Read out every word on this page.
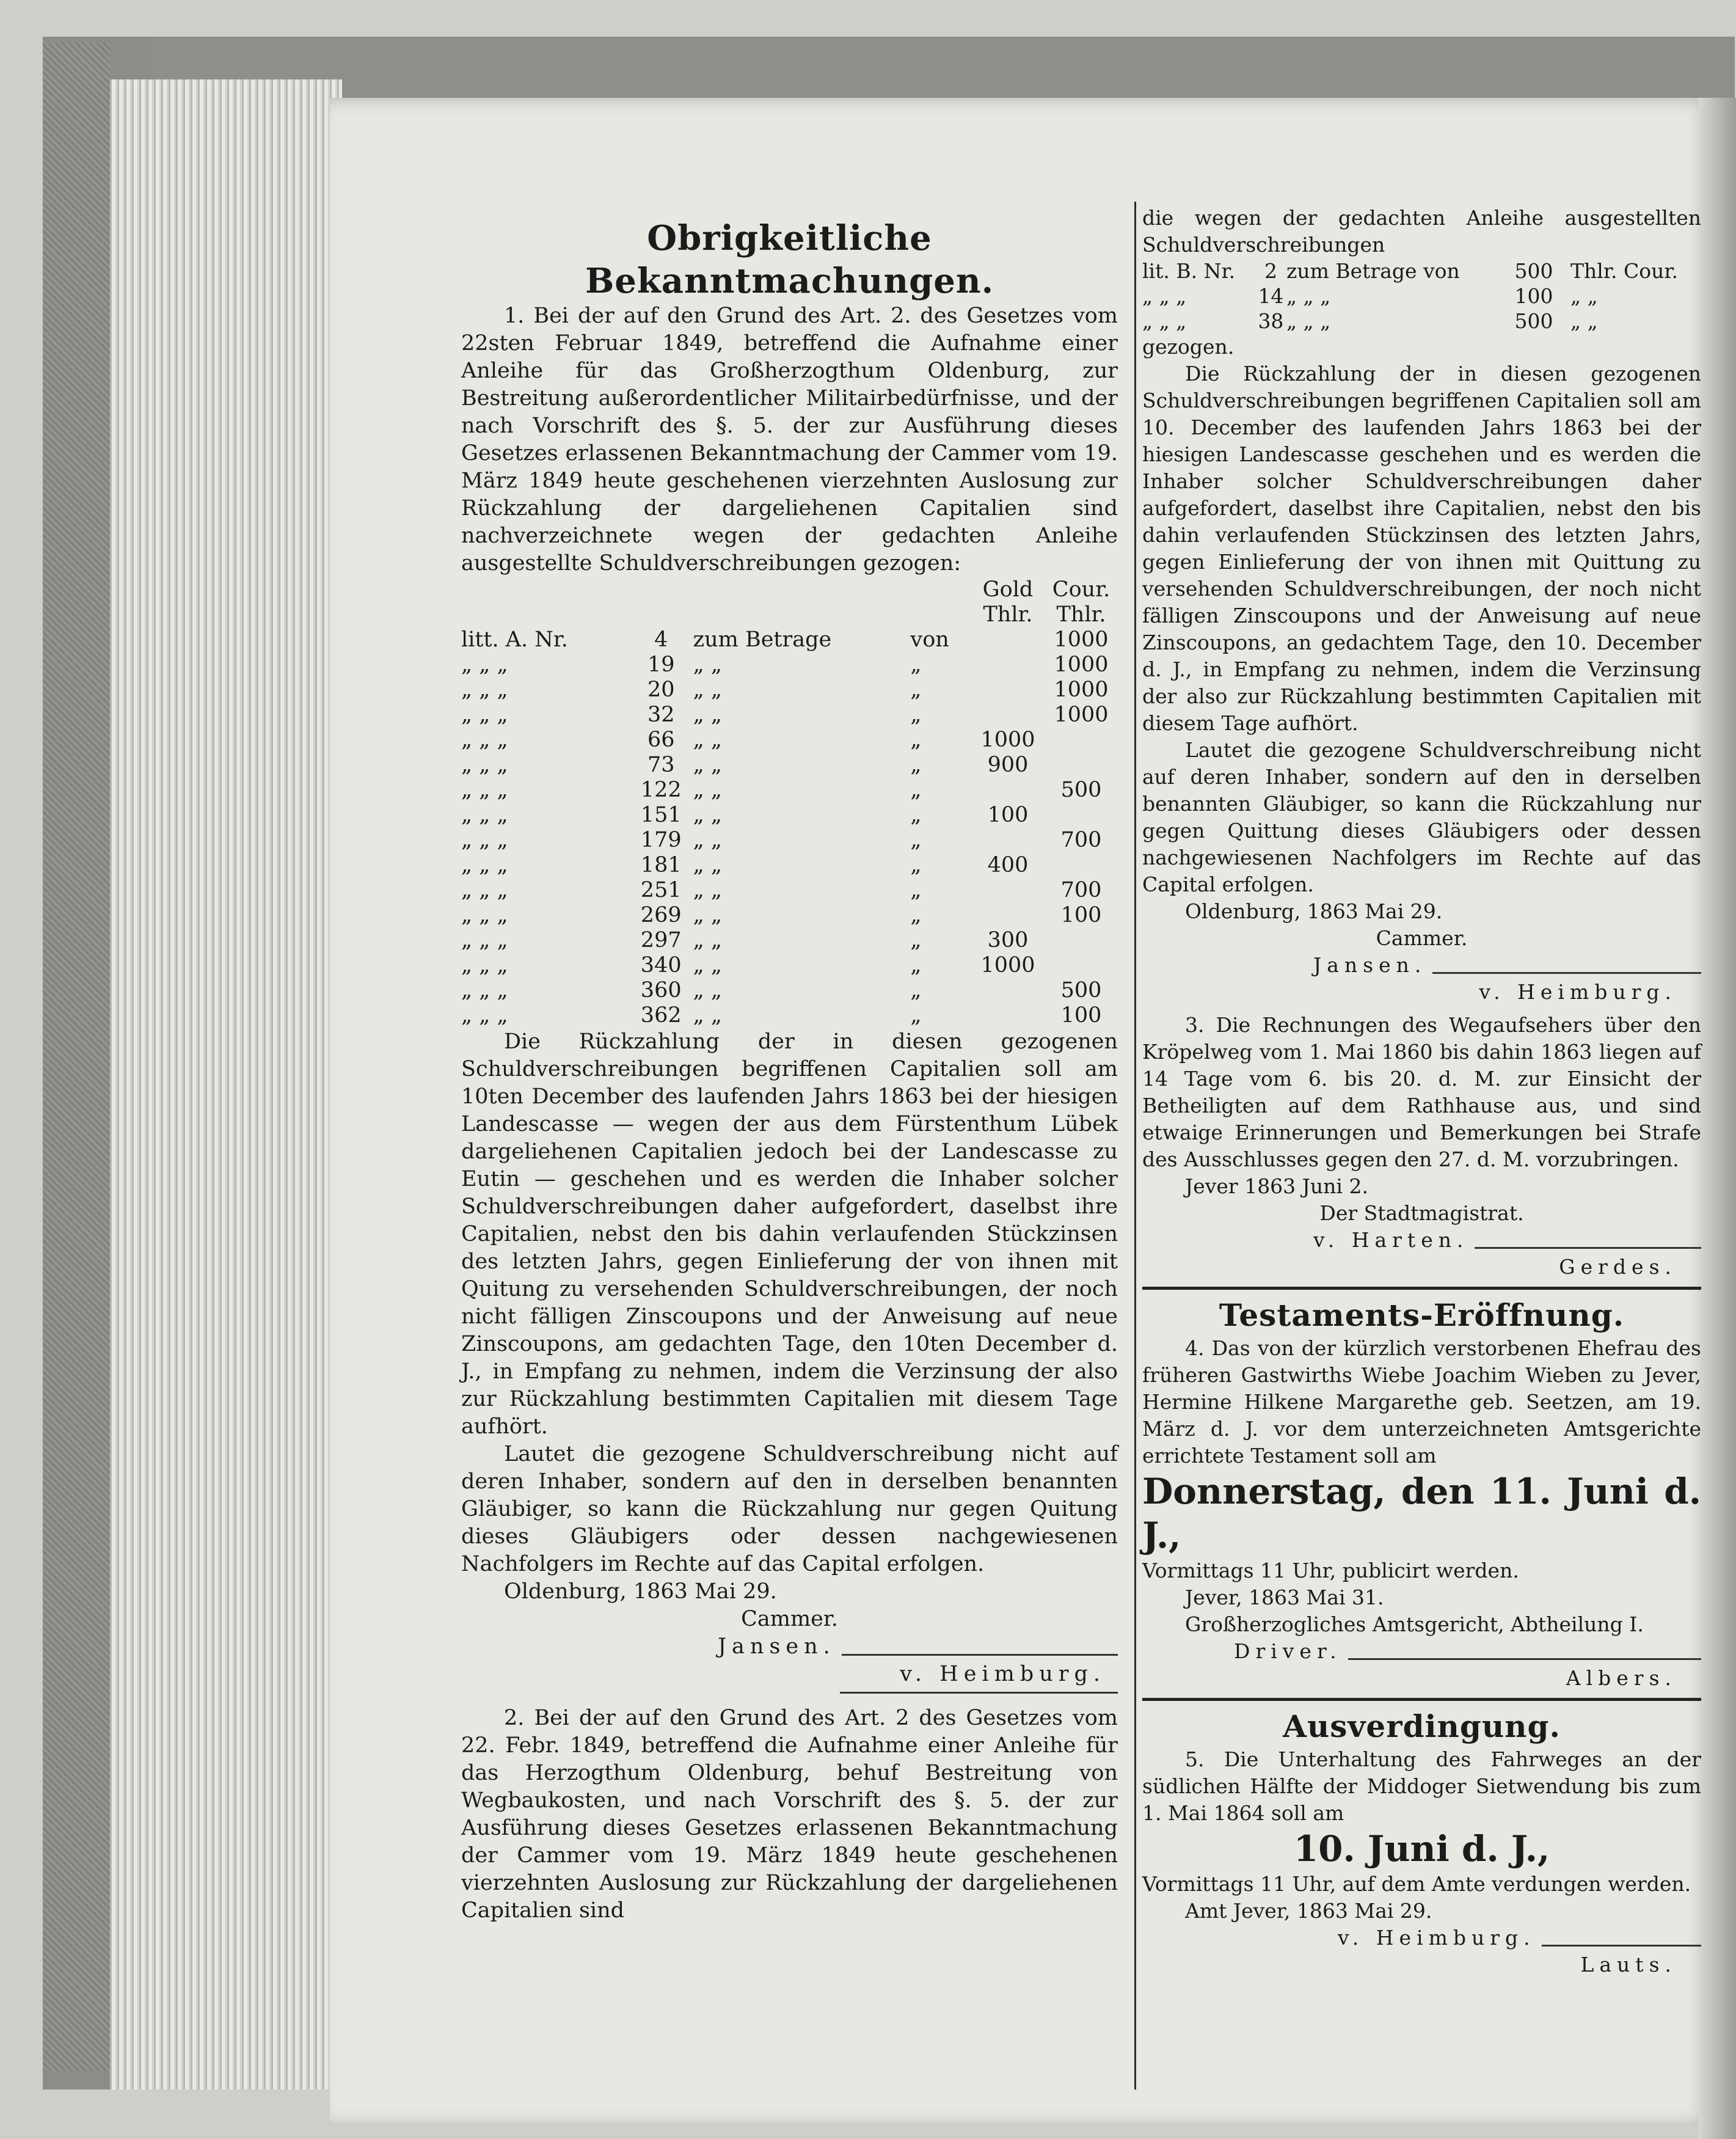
Obrigkeitliche Bekanntmachungen.

1. Bei der auf den Grund des Art. 2. des Gesetzes vom 22sten Februar 1849, betreffend die Aufnahme einer Anleihe für das Großherzogthum Oldenburg, zur Bestreitung außerordentlicher Militairbedürfnisse, und der nach Vorschrift des §. 5. der zur Ausführung dieses Gesetzes erlassenen Bekanntmachung der Cammer vom 19. März 1849 heute geschehenen vierzehnten Auslosung zur Rückzahlung der dargeliehenen Capitalien sind nachverzeichnete wegen der gedachten Anleihe ausgestellte Schuldverschreibungen gezogen:

				Gold	Cour.
				Thlr.	Thlr.
litt. A. Nr.	4	zum Betrage	von		1000
„ „ „	19	„ „	„		1000
„ „ „	20	„ „	„		1000
„ „ „	32	„ „	„		1000
„ „ „	66	„ „	„	1000	
„ „ „	73	„ „	„	900	
„ „ „	122	„ „	„		500
„ „ „	151	„ „	„	100	
„ „ „	179	„ „	„		700
„ „ „	181	„ „	„	400	
„ „ „	251	„ „	„		700
„ „ „	269	„ „	„		100
„ „ „	297	„ „	„	300	
„ „ „	340	„ „	„	1000	
„ „ „	360	„ „	„		500
„ „ „	362	„ „	„		100

Die Rückzahlung der in diesen gezogenen Schuldverschreibungen begriffenen Capitalien soll am 10ten December des laufenden Jahrs 1863 bei der hiesigen Landescasse — wegen der aus dem Fürstenthum Lübek dargeliehenen Capitalien jedoch bei der Landescasse zu Eutin — geschehen und es werden die Inhaber solcher Schuldverschreibungen daher aufgefordert, daselbst ihre Capitalien, nebst den bis dahin verlaufenden Stückzinsen des letzten Jahrs, gegen Einlieferung der von ihnen mit Quitung zu versehenden Schuldverschreibungen, der noch nicht fälligen Zinscoupons und der Anweisung auf neue Zinscoupons, am gedachten Tage, den 10ten December d. J., in Empfang zu nehmen, indem die Verzinsung der also zur Rückzahlung bestimmten Capitalien mit diesem Tage aufhört.

Lautet die gezogene Schuldverschreibung nicht auf deren Inhaber, sondern auf den in derselben benannten Gläubiger, so kann die Rückzahlung nur gegen Quitung dieses Gläubigers oder dessen nachgewiesenen Nachfolgers im Rechte auf das Capital erfolgen.

Oldenburg, 1863 Mai 29.

Cammer.

Jansen.
v. Heimburg.

2. Bei der auf den Grund des Art. 2 des Gesetzes vom 22. Febr. 1849, betreffend die Aufnahme einer Anleihe für das Herzogthum Oldenburg, behuf Bestreitung von Wegbaukosten, und nach Vorschrift des §. 5. der zur Ausführung dieses Gesetzes erlassenen Bekanntmachung der Cammer vom 19. März 1849 heute geschehenen vierzehnten Auslosung zur Rückzahlung der dargeliehenen Capitalien sind

die wegen der gedachten Anleihe ausgestellten Schuldverschreibungen

lit. B. Nr.	2	zum Betrage von	500	Thlr. Cour.
„ „ „	14	„ „ „	100	„ „
„ „ „	38	„ „ „	500	„ „

gezogen.

Die Rückzahlung der in diesen gezogenen Schuldverschreibungen begriffenen Capitalien soll am 10. December des laufenden Jahrs 1863 bei der hiesigen Landescasse geschehen und es werden die Inhaber solcher Schuldverschreibungen daher aufgefordert, daselbst ihre Capitalien, nebst den bis dahin verlaufenden Stückzinsen des letzten Jahrs, gegen Einlieferung der von ihnen mit Quittung zu versehenden Schuldverschreibungen, der noch nicht fälligen Zinscoupons und der Anweisung auf neue Zinscoupons, an gedachtem Tage, den 10. December d. J., in Empfang zu nehmen, indem die Verzinsung der also zur Rückzahlung bestimmten Capitalien mit diesem Tage aufhört.

Lautet die gezogene Schuldverschreibung nicht auf deren Inhaber, sondern auf den in derselben benannten Gläubiger, so kann die Rückzahlung nur gegen Quittung dieses Gläubigers oder dessen nachgewiesenen Nachfolgers im Rechte auf das Capital erfolgen.

Oldenburg, 1863 Mai 29.

Cammer.

Jansen.
v. Heimburg.

3. Die Rechnungen des Wegaufsehers über den Kröpelweg vom 1. Mai 1860 bis dahin 1863 liegen auf 14 Tage vom 6. bis 20. d. M. zur Einsicht der Betheiligten auf dem Rathhause aus, und sind etwaige Erinnerungen und Bemerkungen bei Strafe des Ausschlusses gegen den 27. d. M. vorzubringen.

Jever 1863 Juni 2.

Der Stadtmagistrat.

v. Harten.
Gerdes.
Testaments-Eröffnung.

4. Das von der kürzlich verstorbenen Ehefrau des früheren Gastwirths Wiebe Joachim Wieben zu Jever, Hermine Hilkene Margarethe geb. Seetzen, am 19. März d. J. vor dem unterzeichneten Amtsgerichte errichtete Testament soll am

Donnerstag, den 11. Juni d. J.,

Vormittags 11 Uhr, publicirt werden.

Jever, 1863 Mai 31.

Großherzogliches Amtsgericht, Abtheilung I.

Driver.
Albers.
Ausverdingung.

5. Die Unterhaltung des Fahrweges an der südlichen Hälfte der Middoger Sietwendung bis zum 1. Mai 1864 soll am

10. Juni d. J.,

Vormittags 11 Uhr, auf dem Amte verdungen werden.

Amt Jever, 1863 Mai 29.

v. Heimburg.
Lauts.
